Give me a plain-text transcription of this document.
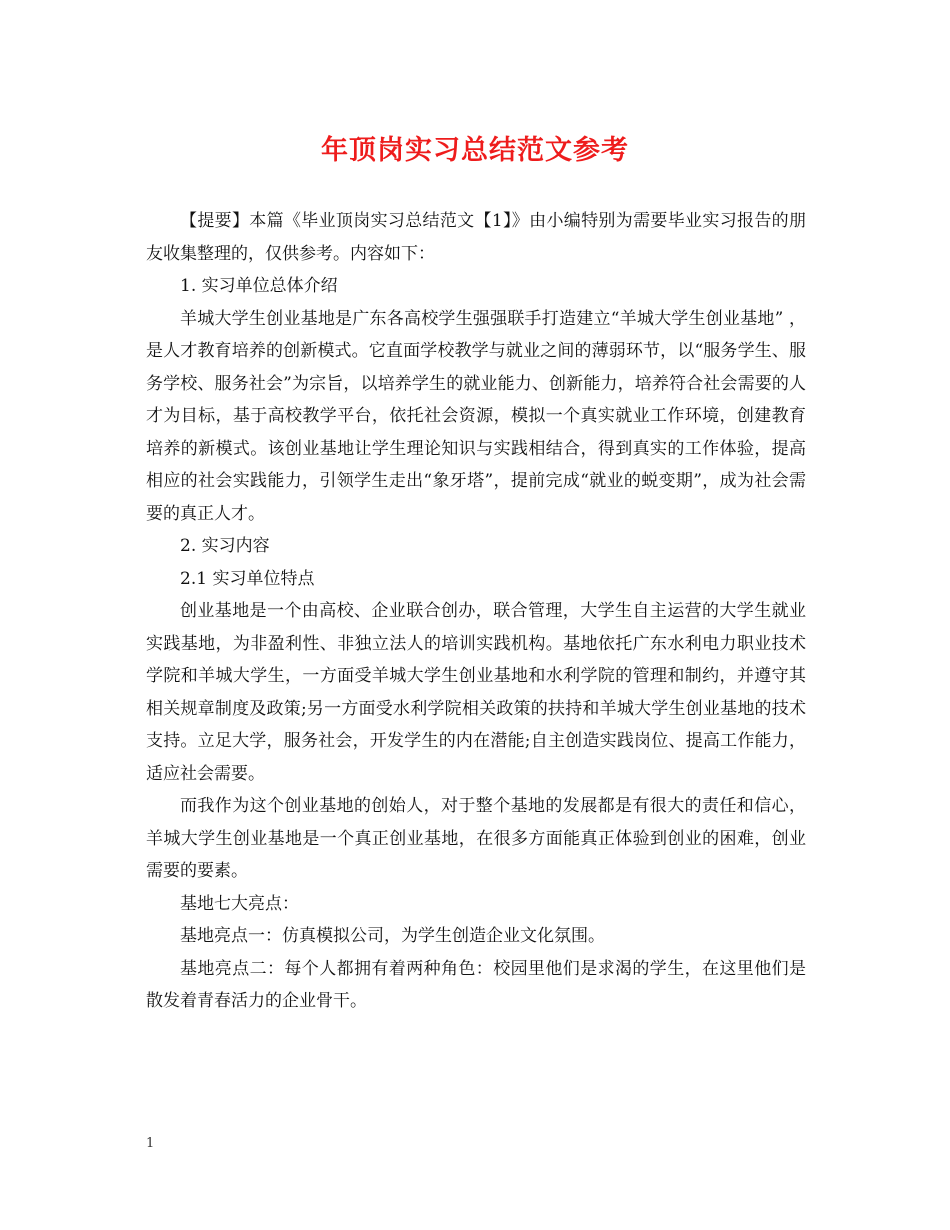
年顶岗实习总结范文参考

【提要】本篇《毕业顶岗实习总结范文【1】》由小编特别为需要毕业实习报告的朋友收集整理的，仅供参考。内容如下：

1. 实习单位总体介绍

羊城大学生创业基地是广东各高校学生强强联手打造建立“羊城大学生创业基地” ，是人才教育培养的创新模式。它直面学校教学与就业之间的薄弱环节，以“服务学生、服务学校、服务社会”为宗旨，以培养学生的就业能力、创新能力，培养符合社会需要的人才为目标，基于高校教学平台，依托社会资源，模拟一个真实就业工作环境，创建教育培养的新模式。该创业基地让学生理论知识与实践相结合，得到真实的工作体验，提高相应的社会实践能力，引领学生走出“象牙塔”，提前完成“就业的蜕变期”，成为社会需要的真正人才。

2. 实习内容

2.1 实习单位特点

创业基地是一个由高校、企业联合创办，联合管理，大学生自主运营的大学生就业实践基地，为非盈利性、非独立法人的培训实践机构。基地依托广东水利电力职业技术学院和羊城大学生，一方面受羊城大学生创业基地和水利学院的管理和制约，并遵守其相关规章制度及政策;另一方面受水利学院相关政策的扶持和羊城大学生创业基地的技术支持。立足大学，服务社会，开发学生的内在潜能;自主创造实践岗位、提高工作能力，适应社会需要。

而我作为这个创业基地的创始人，对于整个基地的发展都是有很大的责任和信心，羊城大学生创业基地是一个真正创业基地，在很多方面能真正体验到创业的困难，创业需要的要素。

基地七大亮点：

基地亮点一：仿真模拟公司，为学生创造企业文化氛围。

基地亮点二：每个人都拥有着两种角色：校园里他们是求渴的学生，在这里他们是散发着青春活力的企业骨干。

1
